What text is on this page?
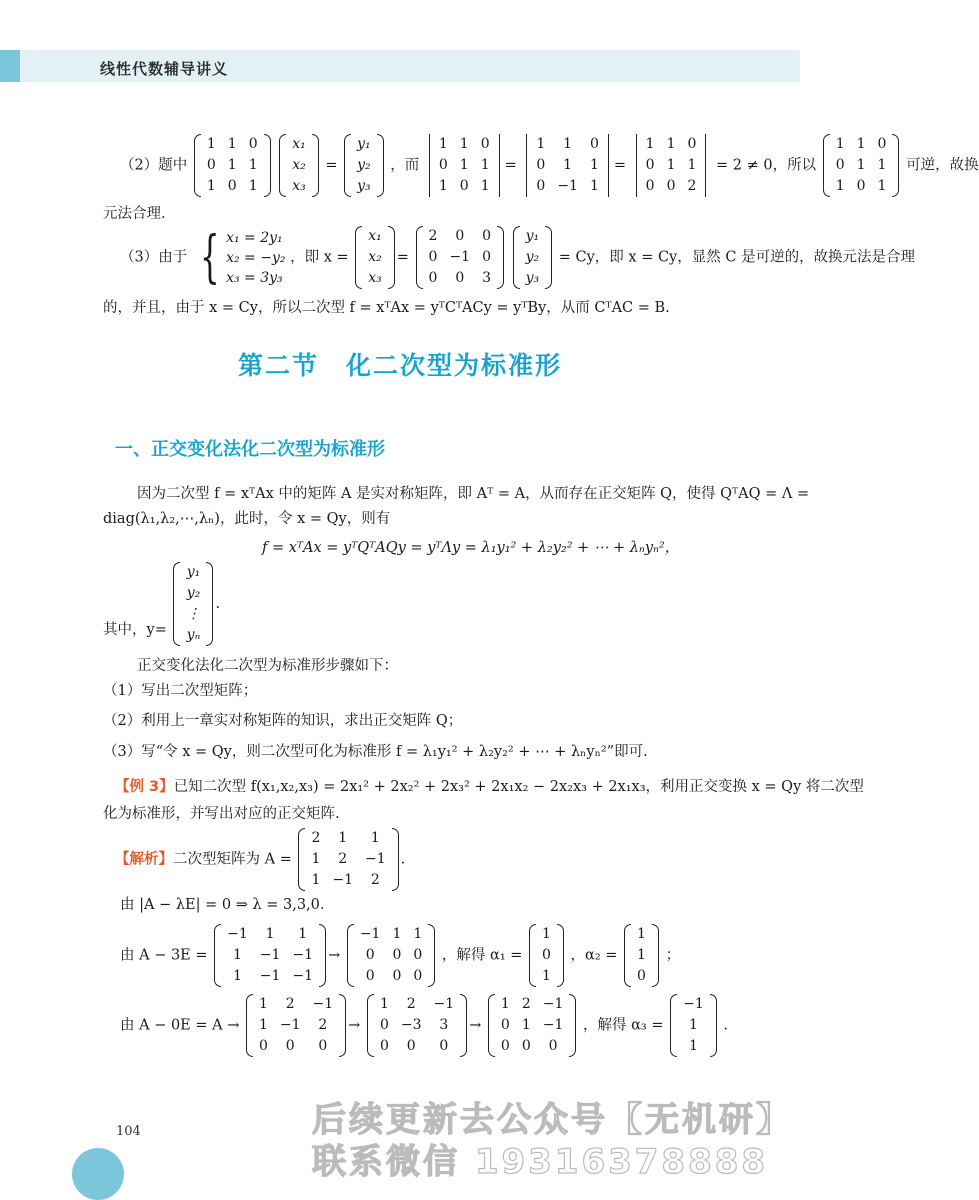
线性代数辅导讲义
（2）题中
1	1	0
0	1	1
1	0	1

x₁
x₂
x₃
=
y₁
y₂
y₃
，而
1	1	0
0	1	1
1	0	1
=
1	1	0
0	1	1
0	−1	1
=
1	1	0
0	1	1
0	0	2
= 2 ≠ 0，所以
1	1	0
0	1	1
1	0	1
可逆，故换
元法合理.
（3）由于 { x₁ = 2y₁
x₂ = −y₂
x₃ = 3y₃
，即 x =
x₁
x₂
x₃
=
2	0	0
0	−1	0
0	0	3

y₁
y₂
y₃
= Cy，即 x = Cy，显然 C 是可逆的，故换元法是合理
的，并且，由于 x = Cy，所以二次型 f = xᵀAx = yᵀCᵀACy = yᵀBy，从而 CᵀAC = B.
第二节　化二次型为标准形
一、正交变化法化二次型为标准形
因为二次型 f = xᵀAx 中的矩阵 A 是实对称矩阵，即 Aᵀ = A，从而存在正交矩阵 Q，使得 QᵀAQ = Λ =
diag(λ₁,λ₂,⋯,λₙ)，此时，令 x = Qy，则有
f = xᵀAx = yᵀQᵀAQy = yᵀΛy = λ₁y₁² + λ₂y₂² + ⋯ + λₙyₙ²，
其中，y=
y₁
y₂
⋮
yₙ
.
正交变化法化二次型为标准形步骤如下：
（1）写出二次型矩阵；
（2）利用上一章实对称矩阵的知识，求出正交矩阵 Q；
（3）写“令 x = Qy，则二次型可化为标准形 f = λ₁y₁² + λ₂y₂² + ⋯ + λₙyₙ²”即可.
【例 3】已知二次型 f(x₁,x₂,x₃) = 2x₁² + 2x₂² + 2x₃² + 2x₁x₂ − 2x₂x₃ + 2x₁x₃，利用正交变换 x = Qy 将二次型
化为标准形，并写出对应的正交矩阵.
【解析】二次型矩阵为 A =
2	1	1
1	2	−1
1	−1	2
.
由 |A − λE| = 0 ⇒ λ = 3,3,0.
由 A − 3E =
−1	1	1
1	−1	−1
1	−1	−1
→
−1	1	1
0	0	0
0	0	0
，解得 α₁ =
1
0
1
，α₂ =
1
1
0
；
由 A − 0E = A →
1	2	−1
1	−1	2
0	0	0
→
1	2	−1
0	−3	3
0	0	0
→
1	2	−1
0	1	−1
0	0	0
，解得 α₃ =
−1
1
1
.
104	后续更新去公众号【无机研】
联系微信 19316378888
